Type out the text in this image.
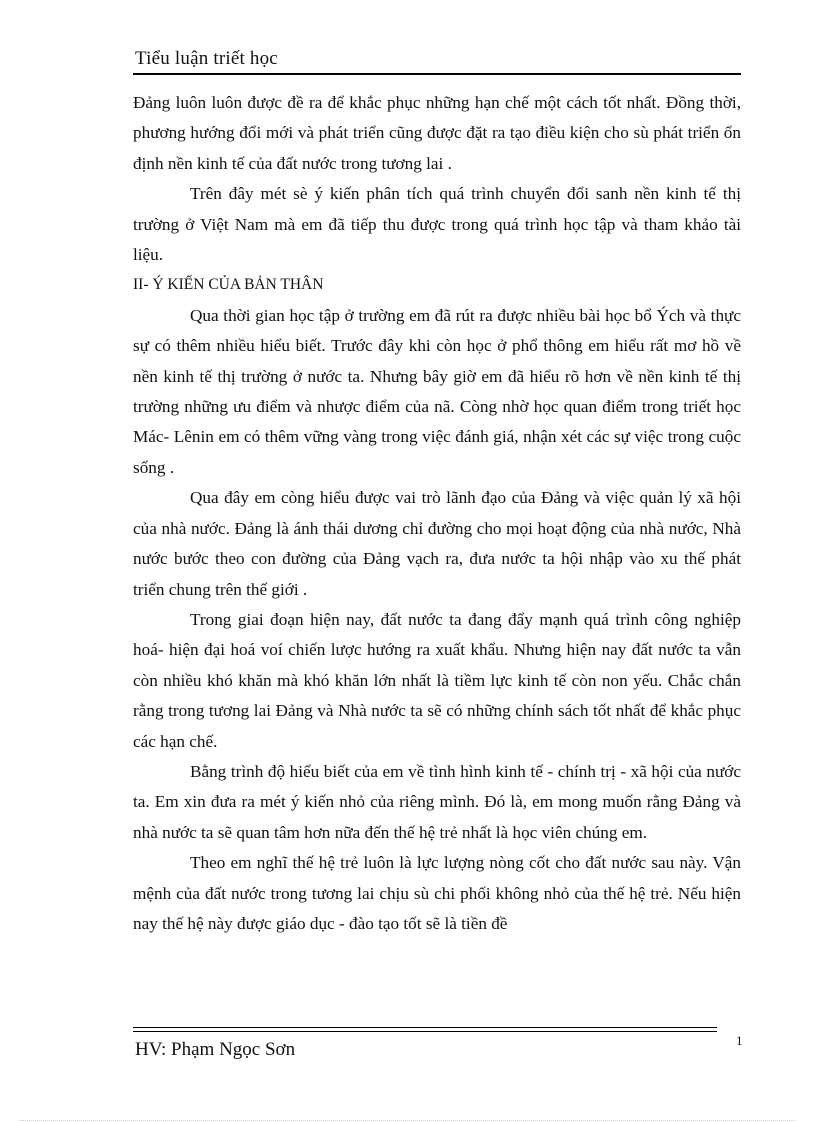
Tiểu luận triết học

Đảng luôn luôn được đề ra để khắc phục những hạn chế một cách tốt nhất. Đồng thời, phương hướng đổi mới và phát triển cũng được đặt ra tạo điều kiện cho sù phát triển ổn định nền kinh tế của đất nước trong tương lai .

Trên đây mét sè ý kiến phân tích quá trình chuyển đổi sanh nền kinh tế thị trường ở Việt Nam mà em đã tiếp thu được trong quá trình học tập và tham khảo tài liệu.

II- Ý KIẾN CỦA BẢN THÂN

Qua thời gian học tập ở trường em đã rút ra được nhiều bài học bổ Ých và thực sự có thêm nhiều hiểu biết. Trước đây khi còn học ở phổ thông em hiểu rất mơ hồ về nền kinh tế thị trường ở nước ta. Nhưng bây giờ em đã hiểu rõ hơn về nền kinh tế thị trường những ưu điểm và nhược điểm của nã. Còng nhờ học quan điểm trong triết học Mác- Lênin em có thêm vững vàng trong việc đánh giá, nhận xét các sự việc trong cuộc sống .

Qua đây em còng hiểu được vai trò lãnh đạo của Đảng và việc quản lý xã hội của nhà nước. Đảng là ánh thái dương chỉ đường cho mọi hoạt động của nhà nước, Nhà nước bước theo con đường của Đảng vạch ra, đưa nước ta hội nhập vào xu thế phát triển chung trên thế giới .

Trong giai đoạn hiện nay, đất nước ta đang đẩy mạnh quá trình công nghiệp hoá- hiện đại hoá voí chiến lược hướng ra xuất khẩu. Nhưng hiện nay đất nước ta vẫn còn nhiều khó khăn mà khó khăn lớn nhất là tiềm lực kinh tế còn non yếu. Chắc chắn rằng trong tương lai Đảng và Nhà nước ta sẽ có những chính sách tốt nhất để khắc phục các hạn chế.

Bằng trình độ hiểu biết của em về tình hình kinh tế - chính trị - xã hội của nước ta. Em xin đưa ra mét ý kiến nhỏ của riêng mình. Đó là, em mong muốn rằng Đảng và nhà nước ta sẽ quan tâm hơn nữa đến thế hệ trẻ nhất là học viên chúng em.

Theo em nghĩ thế hệ trẻ luôn là lực lượng nòng cốt cho đất nước sau này. Vận mệnh của đất nước trong tương lai chịu sù chi phối không nhỏ của thế hệ trẻ. Nếu hiện nay thế hệ này được giáo dục - đào tạo tốt sẽ là tiền đề

HV: Phạm Ngọc Sơn	1
